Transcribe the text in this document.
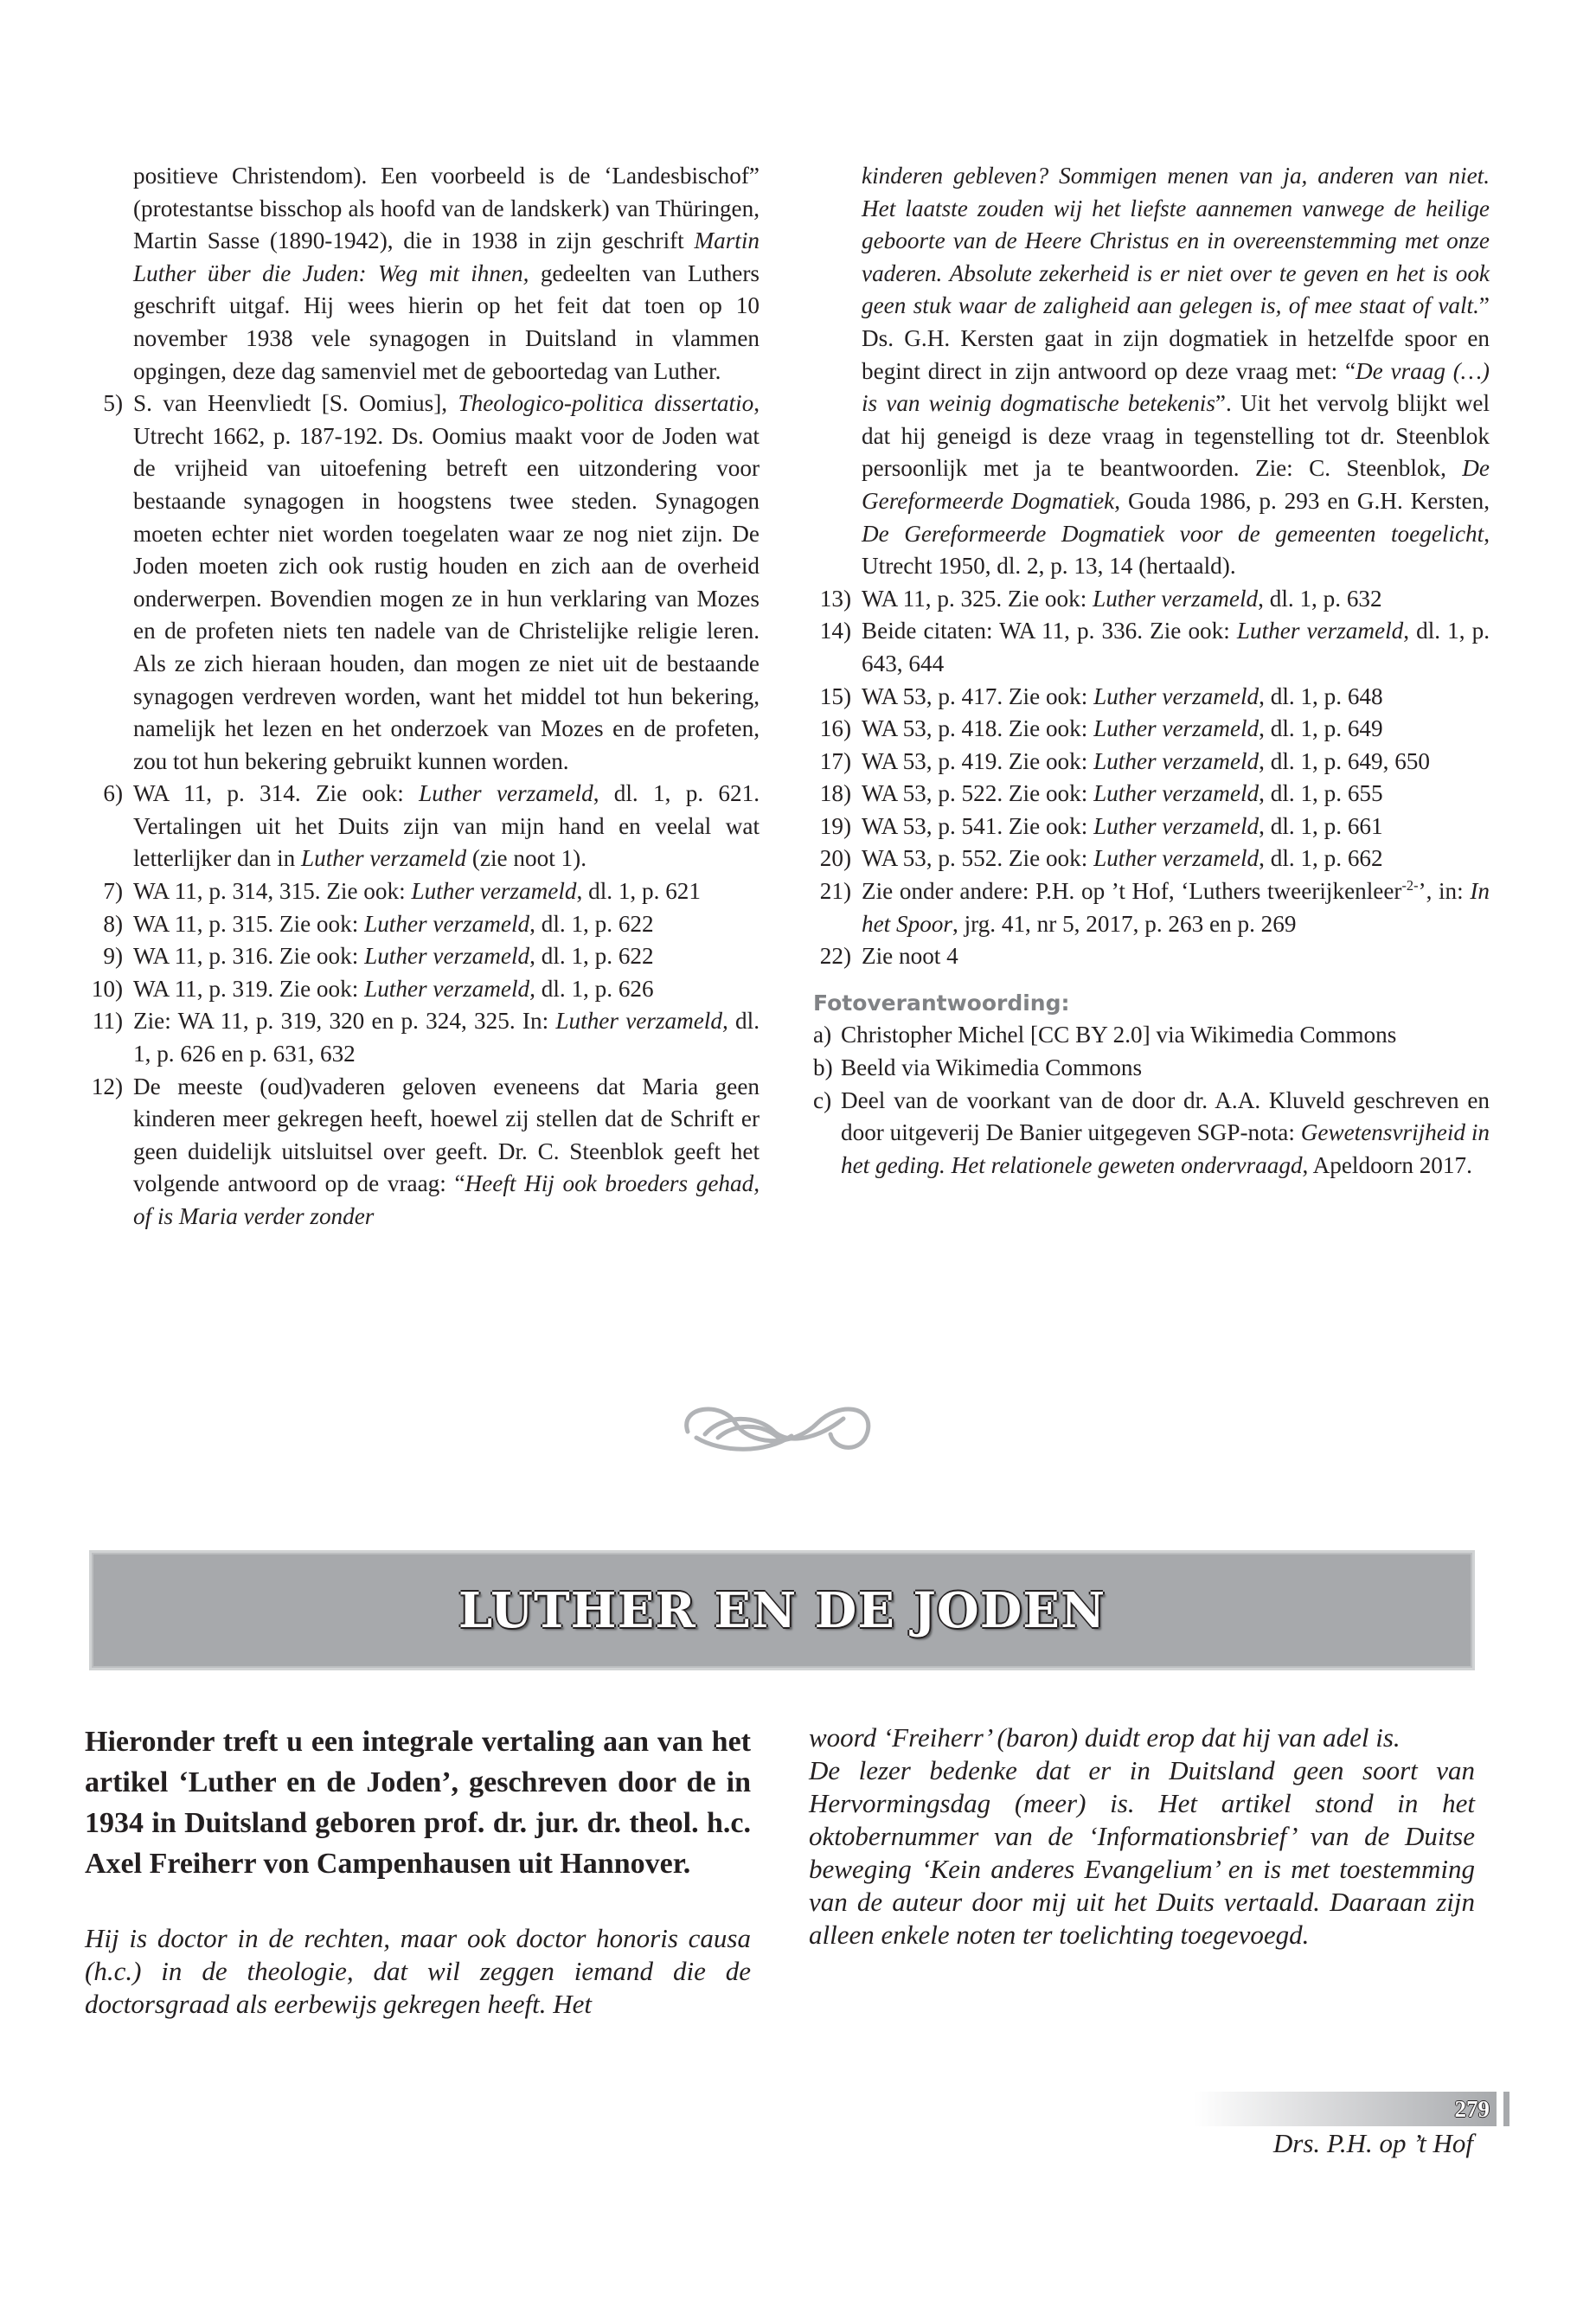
positieve Christendom). Een voorbeeld is de ‘Landesbischof” (protestantse bisschop als hoofd van de landskerk) van Thüringen, Martin Sasse (1890-1942), die in 1938 in zijn geschrift Martin Luther über die Juden: Weg mit ihnen, gedeelten van Luthers geschrift uitgaf. Hij wees hierin op het feit dat toen op 10 november 1938 vele synagogen in Duitsland in vlammen opgingen, deze dag samenviel met de geboortedag van Luther.
5) S. van Heenvliedt [S. Oomius], Theologico-politica dissertatio, Utrecht 1662, p. 187-192. Ds. Oomius maakt voor de Joden wat de vrijheid van uitoefening betreft een uitzondering voor bestaande synagogen in hoogstens twee steden. Synagogen moeten echter niet worden toegelaten waar ze nog niet zijn. De Joden moeten zich ook rustig houden en zich aan de overheid onderwerpen. Bovendien mogen ze in hun verklaring van Mozes en de profeten niets ten nadele van de Christelijke religie leren. Als ze zich hieraan houden, dan mogen ze niet uit de bestaande synagogen verdreven worden, want het middel tot hun bekering, namelijk het lezen en het onderzoek van Mozes en de profeten, zou tot hun bekering gebruikt kunnen worden.
6) WA 11, p. 314. Zie ook: Luther verzameld, dl. 1, p. 621. Vertalingen uit het Duits zijn van mijn hand en veelal wat letterlijker dan in Luther verzameld (zie noot 1).
7) WA 11, p. 314, 315. Zie ook: Luther verzameld, dl. 1, p. 621
8) WA 11, p. 315. Zie ook: Luther verzameld, dl. 1, p. 622
9) WA 11, p. 316. Zie ook: Luther verzameld, dl. 1, p. 622
10) WA 11, p. 319. Zie ook: Luther verzameld, dl. 1, p. 626
11) Zie: WA 11, p. 319, 320 en p. 324, 325. In: Luther verzameld, dl. 1, p. 626 en p. 631, 632
12) De meeste (oud)vaderen geloven eveneens dat Maria geen kinderen meer gekregen heeft, hoewel zij stellen dat de Schrift er geen duidelijk uitsluitsel over geeft. Dr. C. Steenblok geeft het volgende antwoord op de vraag: “Heeft Hij ook broeders gehad, of is Maria verder zonder
kinderen gebleven? Sommigen menen van ja, anderen van niet. Het laatste zouden wij het liefste aannemen vanwege de heilige geboorte van de Heere Christus en in overeenstemming met onze vaderen. Absolute zekerheid is er niet over te geven en het is ook geen stuk waar de zaligheid aan gelegen is, of mee staat of valt.” Ds. G.H. Kersten gaat in zijn dogmatiek in hetzelfde spoor en begint direct in zijn antwoord op deze vraag met: “De vraag (…) is van weinig dogmatische betekenis”. Uit het vervolg blijkt wel dat hij geneigd is deze vraag in tegenstelling tot dr. Steenblok persoonlijk met ja te beantwoorden. Zie: C. Steenblok, De Gereformeerde Dogmatiek, Gouda 1986, p. 293 en G.H. Kersten, De Gereformeerde Dogmatiek voor de gemeenten toegelicht, Utrecht 1950, dl. 2, p. 13, 14 (hertaald).
13) WA 11, p. 325. Zie ook: Luther verzameld, dl. 1, p. 632
14) Beide citaten: WA 11, p. 336. Zie ook: Luther verzameld, dl. 1, p. 643, 644
15) WA 53, p. 417. Zie ook: Luther verzameld, dl. 1, p. 648
16) WA 53, p. 418. Zie ook: Luther verzameld, dl. 1, p. 649
17) WA 53, p. 419. Zie ook: Luther verzameld, dl. 1, p. 649, 650
18) WA 53, p. 522. Zie ook: Luther verzameld, dl. 1, p. 655
19) WA 53, p. 541. Zie ook: Luther verzameld, dl. 1, p. 661
20) WA 53, p. 552. Zie ook: Luther verzameld, dl. 1, p. 662
21) Zie onder andere: P.H. op ’t Hof, ‘Luthers tweerijkenleer$^{-2-}$’, in: In het Spoor, jrg. 41, nr 5, 2017, p. 263 en p. 269
22) Zie noot 4
Fotoverantwoording:
a) Christopher Michel [CC BY 2.0] via Wikimedia Commons
b) Beeld via Wikimedia Commons
c) Deel van de voorkant van de door dr. A.A. Kluveld geschreven en door uitgeverij De Banier uitgegeven SGP-nota: Gewetensvrijheid in het geding. Het relationele geweten ondervraagd, Apeldoorn 2017.
LUTHER EN DE JODEN
Hieronder treft u een integrale vertaling aan van het artikel ‘Luther en de Joden’, geschreven door de in 1934 in Duitsland geboren prof. dr. jur. dr. theol. h.c. Axel Freiherr von Campenhausen uit Hannover.
Hij is doctor in de rechten, maar ook doctor honoris causa (h.c.) in de theologie, dat wil zeggen iemand die de doctorsgraad als eerbewijs gekregen heeft. Het
woord ‘Freiherr’ (baron) duidt erop dat hij van adel is.
De lezer bedenke dat er in Duitsland geen soort van Hervormingsdag (meer) is. Het artikel stond in het oktobernummer van de ‘Informationsbrief’ van de Duitse beweging ‘Kein anderes Evangelium’ en is met toestemming van de auteur door mij uit het Duits vertaald. Daaraan zijn alleen enkele noten ter toelichting toegevoegd.
Drs. P.H. op ’t Hof
279
